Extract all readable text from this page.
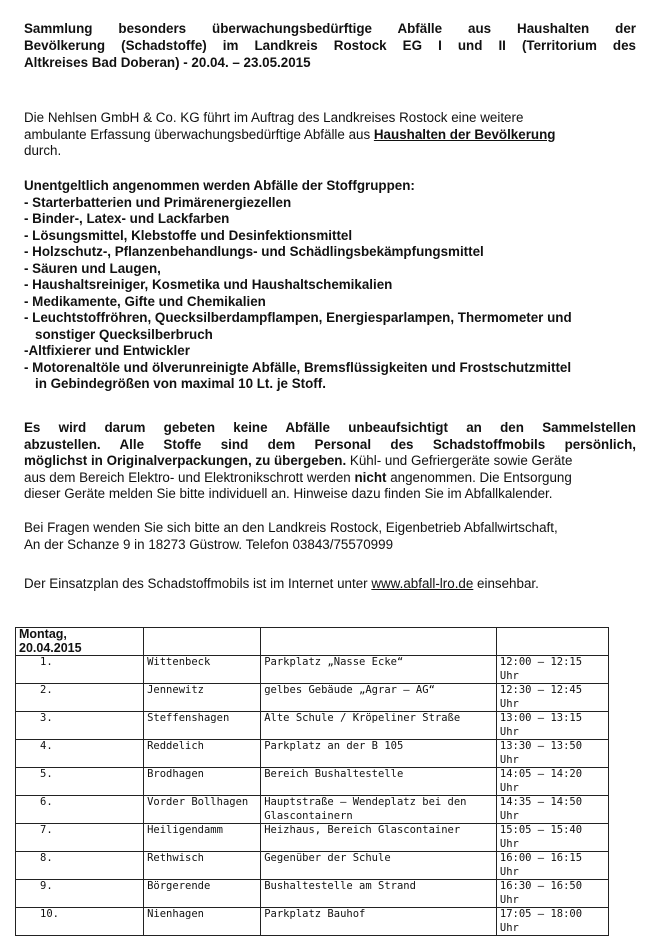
Sammlung besonders überwachungsbedürftige Abfälle aus Haushalten der
Bevölkerung (Schadstoffe) im Landkreis Rostock EG I und II (Territorium des
Altkreises Bad Doberan) - 20.04. – 23.05.2015
Die Nehlsen GmbH & Co. KG führt im Auftrag des Landkreises Rostock eine weitere
ambulante Erfassung überwachungsbedürftige Abfälle aus Haushalten der Bevölkerung
durch.
Unentgeltlich angenommen werden Abfälle der Stoffgruppen:
- Starterbatterien und Primärenergiezellen
- Binder-, Latex- und Lackfarben
- Lösungsmittel, Klebstoffe und Desinfektionsmittel
- Holzschutz-, Pflanzenbehandlungs- und Schädlingsbekämpfungsmittel
- Säuren und Laugen,
- Haushaltsreiniger, Kosmetika und Haushaltschemikalien
- Medikamente, Gifte und Chemikalien
- Leuchtstoffröhren, Quecksilberdampflampen, Energiesparlampen, Thermometer und
sonstiger Quecksilberbruch
-Altfixierer und Entwickler
- Motorenaltöle und ölverunreinigte Abfälle, Bremsflüssigkeiten und Frostschutzmittel
in Gebindegrößen von maximal 10 Lt. je Stoff.
Es wird darum gebeten keine Abfälle unbeaufsichtigt an den Sammelstellen
abzustellen. Alle Stoffe sind dem Personal des Schadstoffmobils persönlich,
möglichst in Originalverpackungen, zu übergeben. Kühl- und Gefriergeräte sowie Geräte
aus dem Bereich Elektro- und Elektronikschrott werden nicht angenommen. Die Entsorgung
dieser Geräte melden Sie bitte individuell an. Hinweise dazu finden Sie im Abfallkalender.
Bei Fragen wenden Sie sich bitte an den Landkreis Rostock, Eigenbetrieb Abfallwirtschaft,
An der Schanze 9 in 18273 Güstrow. Telefon 03843/75570999
Der Einsatzplan des Schadstoffmobils ist im Internet unter www.abfall-lro.de einsehbar.
Montag,
20.04.2015			

1.	Wittenbeck	Parkplatz „Nasse Ecke“	12:00 – 12:15 Uhr
2.	Jennewitz	gelbes Gebäude „Agrar – AG“	12:30 – 12:45 Uhr
3.	Steffenshagen	Alte Schule / Kröpeliner Straße	13:00 – 13:15 Uhr
4.	Reddelich	Parkplatz an der B 105	13:30 – 13:50 Uhr
5.	Brodhagen	Bereich Bushaltestelle	14:05 – 14:20 Uhr
6.	Vorder Bollhagen	Hauptstraße – Wendeplatz bei den Glascontainern	14:35 – 14:50 Uhr
7.	Heiligendamm	Heizhaus, Bereich Glascontainer	15:05 – 15:40 Uhr
8.	Rethwisch	Gegenüber der Schule	16:00 – 16:15 Uhr
9.	Börgerende	Bushaltestelle am Strand	16:30 – 16:50 Uhr
10.	Nienhagen	Parkplatz Bauhof	17:05 – 18:00 Uhr
